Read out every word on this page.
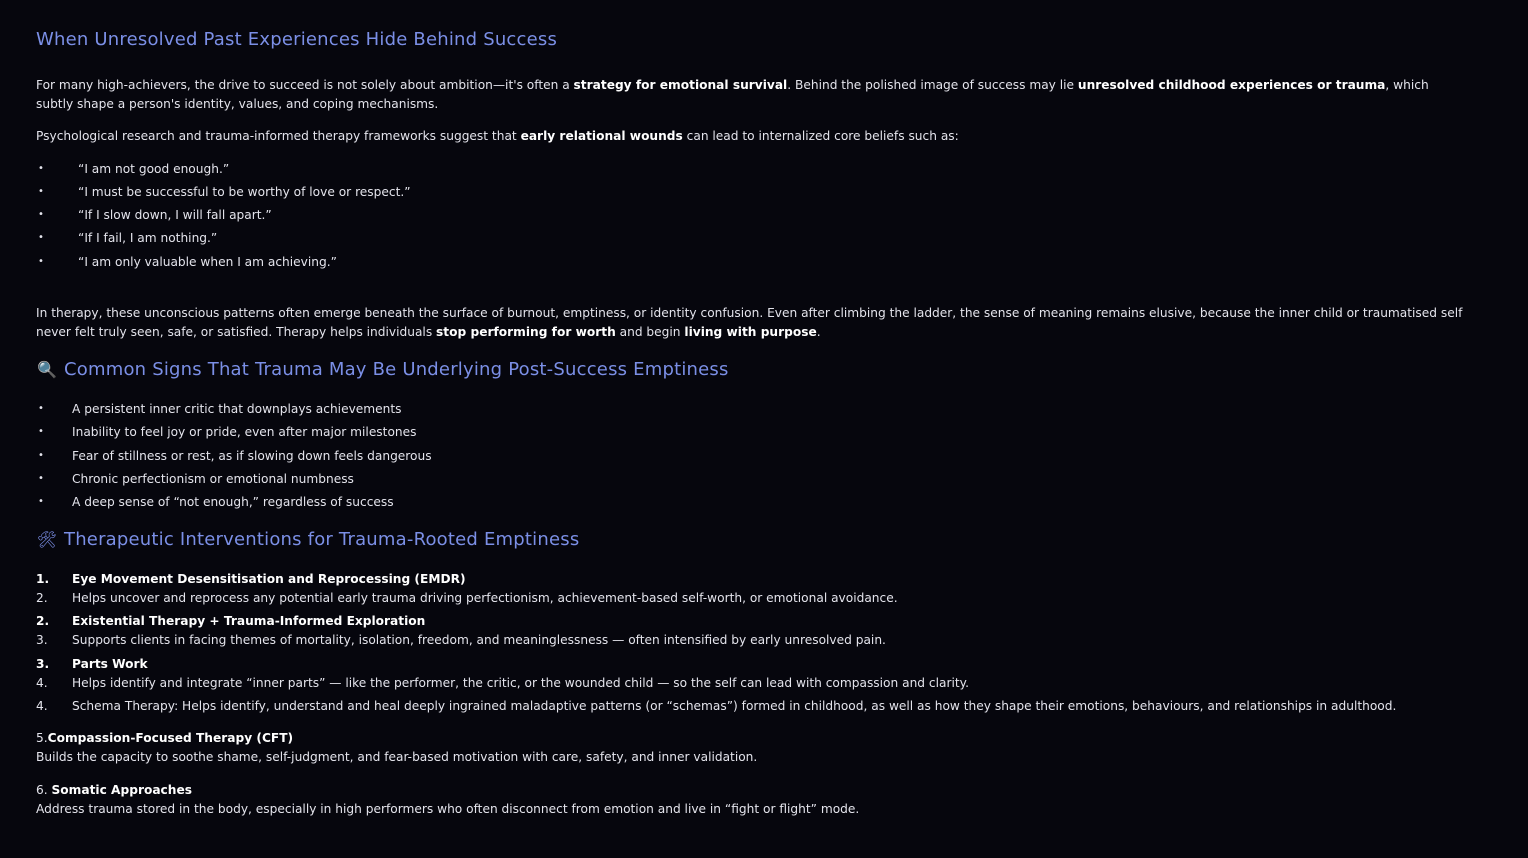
When Unresolved Past Experiences Hide Behind Success

For many high-achievers, the drive to succeed is not solely about ambition—it's often a strategy for emotional survival. Behind the polished image of success may lie unresolved childhood experiences or trauma, which subtly shape a person's identity, values, and coping mechanisms.

Psychological research and trauma-informed therapy frameworks suggest that early relational wounds can lead to internalized core beliefs such as:

•	“I am not good enough.”
•	“I must be successful to be worthy of love or respect.”
•	“If I slow down, I will fall apart.”
•	“If I fail, I am nothing.”
•	“I am only valuable when I am achieving.”

In therapy, these unconscious patterns often emerge beneath the surface of burnout, emptiness, or identity confusion. Even after climbing the ladder, the sense of meaning remains elusive, because the inner child or traumatised self never felt truly seen, safe, or satisfied. Therapy helps individuals stop performing for worth and begin living with purpose.

🔍 Common Signs That Trauma May Be Underlying Post-Success Emptiness
• A persistent inner critic that downplays achievements
• Inability to feel joy or pride, even after major milestones
• Fear of stillness or rest, as if slowing down feels dangerous
• Chronic perfectionism or emotional numbness
• A deep sense of “not enough,” regardless of success
🛠 Therapeutic Interventions for Trauma-Rooted Emptiness
1. Eye Movement Desensitisation and Reprocessing (EMDR)
2. Helps uncover and reprocess any potential early trauma driving perfectionism, achievement-based self-worth, or emotional avoidance.
2. Existential Therapy + Trauma-Informed Exploration
3. Supports clients in facing themes of mortality, isolation, freedom, and meaninglessness — often intensified by early unresolved pain.
3. Parts Work
4. Helps identify and integrate “inner parts” — like the performer, the critic, or the wounded child — so the self can lead with compassion and clarity.
4. Schema Therapy: Helps identify, understand and heal deeply ingrained maladaptive patterns (or “schemas”) formed in childhood, as well as how they shape their emotions, behaviours, and relationships in adulthood.
5.Compassion-Focused Therapy (CFT)
Builds the capacity to soothe shame, self-judgment, and fear-based motivation with care, safety, and inner validation.
6. Somatic Approaches
Address trauma stored in the body, especially in high performers who often disconnect from emotion and live in “fight or flight” mode.
